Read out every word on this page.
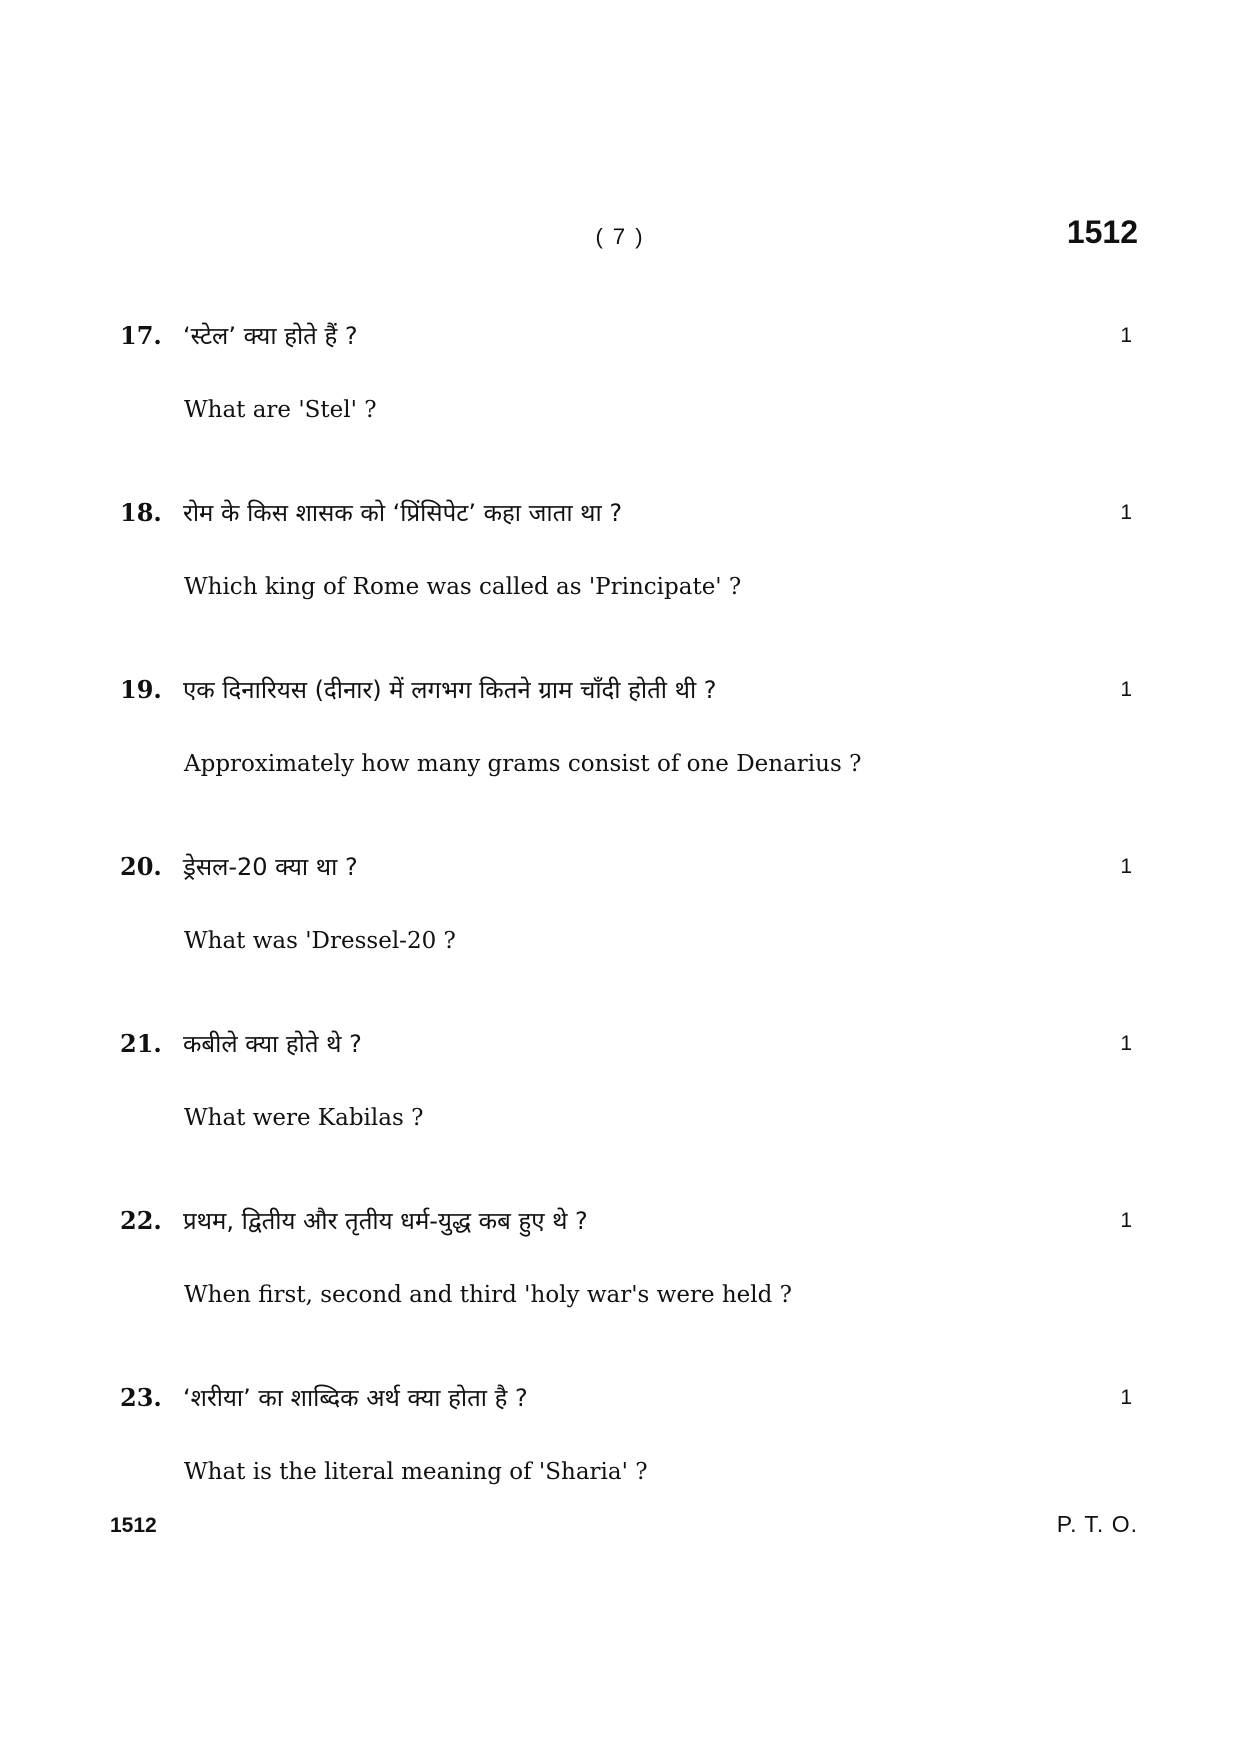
( 7 )	1512
17. ‘स्टेल’ क्या होते हैं ?	1
What are 'Stel' ?
18. रोम के किस शासक को ‘प्रिंसिपेट’ कहा जाता था ?	1
Which king of Rome was called as 'Principate' ?
19. एक दिनारियस (दीनार) में लगभग कितने ग्राम चाँदी होती थी ?	1
Approximately how many grams consist of one Denarius ?
20. ड्रेसल-20 क्या था ?	1
What was 'Dressel-20 ?
21. कबीले क्या होते थे ?	1
What were Kabilas ?
22. प्रथम, द्वितीय और तृतीय धर्म-युद्ध कब हुए थे ?	1
When first, second and third 'holy war's were held ?
23. ‘शरीया’ का शाब्दिक अर्थ क्या होता है ?	1
What is the literal meaning of 'Sharia' ?
1512	P. T. O.
